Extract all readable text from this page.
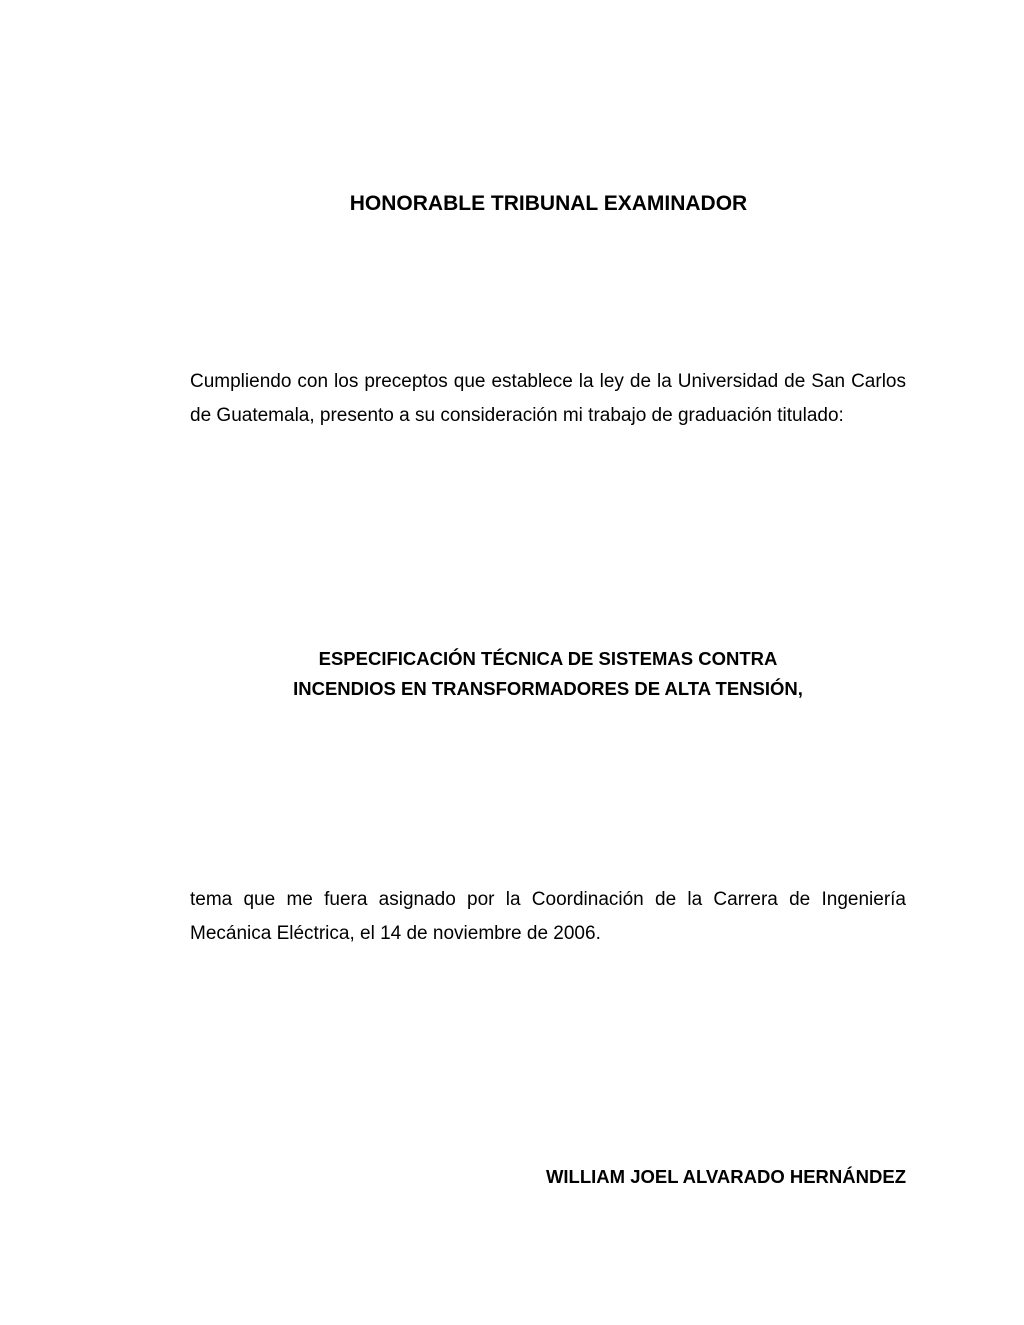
HONORABLE TRIBUNAL EXAMINADOR

Cumpliendo con los preceptos que establece la ley de la Universidad de San Carlos de Guatemala, presento a su consideración mi trabajo de graduación titulado:

ESPECIFICACIÓN TÉCNICA DE SISTEMAS CONTRA
INCENDIOS EN TRANSFORMADORES DE ALTA TENSIÓN,

tema que me fuera asignado por la Coordinación de la Carrera de Ingeniería Mecánica Eléctrica, el 14 de noviembre de 2006.

WILLIAM JOEL ALVARADO HERNÁNDEZ
